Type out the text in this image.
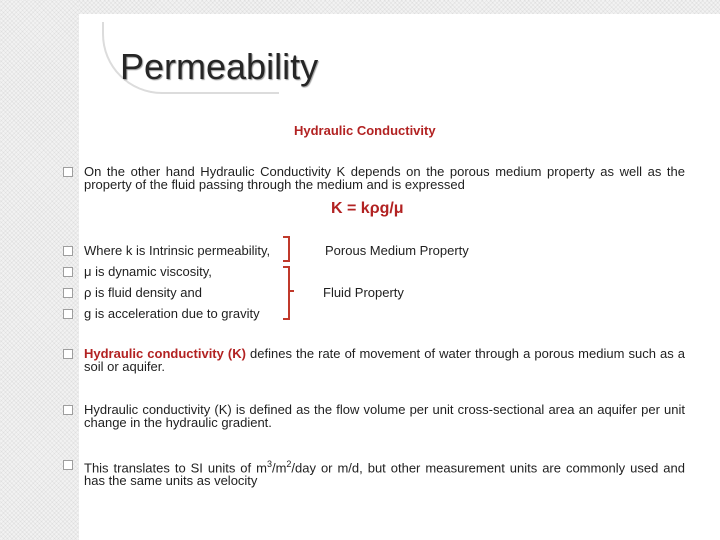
Permeability
Hydraulic Conductivity
On the other hand Hydraulic Conductivity K depends on the porous medium property as well as the property of the fluid passing through the medium and is expressed
K = kρg/μ
Where k is Intrinsic permeability,
μ is dynamic viscosity,
ρ is fluid density and
g is acceleration due to gravity
Porous Medium Property
Fluid Property
Hydraulic conductivity (K) defines the rate of movement of water through a porous medium such as a soil or aquifer.
Hydraulic conductivity (K) is defined as the flow volume per unit cross-sectional area an aquifer per unit change in the hydraulic gradient.
This translates to SI units of $m^3/m^2$/day or m/d, but other measurement units are commonly used and has the same units as velocity
